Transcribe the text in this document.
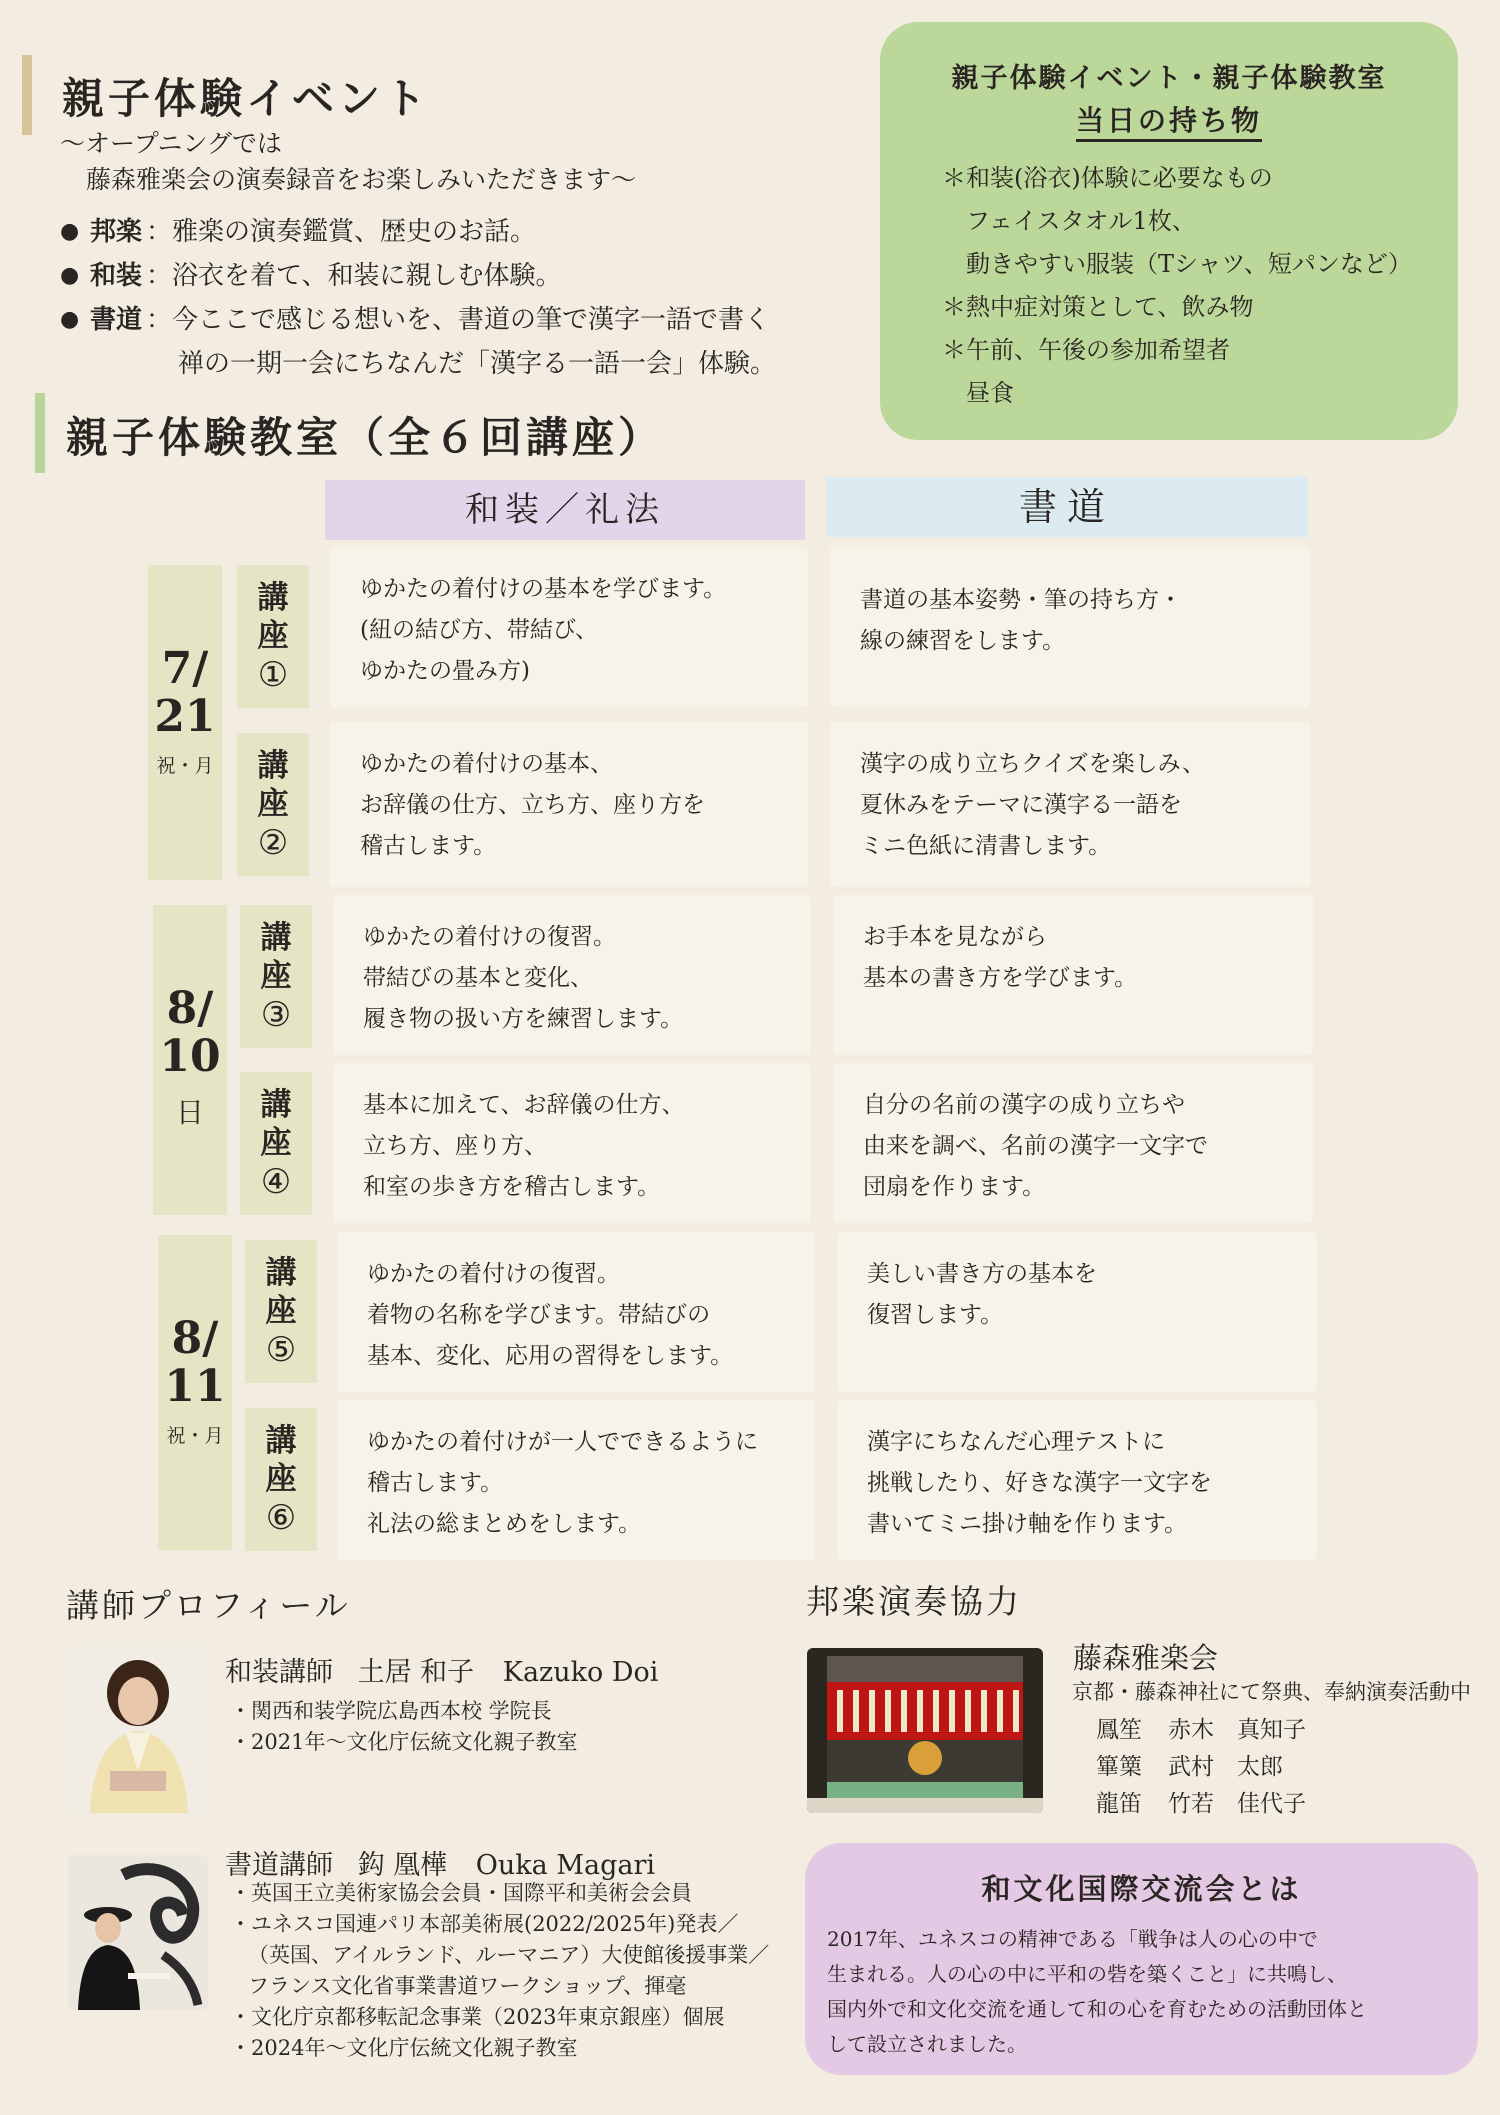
親子体験イベント
～オープニングでは
藤森雅楽会の演奏録音をお楽しみいただきます～
● 邦楽 ：雅楽の演奏鑑賞、歴史のお話。
● 和装 ：浴衣を着て、和装に親しむ体験。
● 書道 ：今ここで感じる想いを、書道の筆で漢字一語で書く
禅の一期一会にちなんだ「漢字る一語一会」体験。
親子体験イベント・親子体験教室
当日の持ち物
＊和装(浴衣)体験に必要なもの
フェイスタオル1枚、
動きやすい服装（Tシャツ、短パンなど）
＊熱中症対策として、飲み物
＊午前、午後の参加希望者
昼食
親子体験教室（全６回講座）
和装／礼法	書道
7/
21
祝・月
8/
10
日
8/
11
祝・月
講
座
①
ゆかたの着付けの基本を学びます。
(紐の結び方、帯結び、
ゆかたの畳み方)
書道の基本姿勢・筆の持ち方・
線の練習をします。
講
座
②
ゆかたの着付けの基本、
お辞儀の仕方、立ち方、座り方を
稽古します。
漢字の成り立ちクイズを楽しみ、
夏休みをテーマに漢字る一語を
ミニ色紙に清書します。
講
座
③
ゆかたの着付けの復習。
帯結びの基本と変化、
履き物の扱い方を練習します。
お手本を見ながら
基本の書き方を学びます。
講
座
④
基本に加えて、お辞儀の仕方、
立ち方、座り方、
和室の歩き方を稽古します。
自分の名前の漢字の成り立ちや
由来を調べ、名前の漢字一文字で
団扇を作ります。
講
座
⑤
ゆかたの着付けの復習。
着物の名称を学びます。帯結びの
基本、変化、応用の習得をします。
美しい書き方の基本を
復習します。
講
座
⑥
ゆかたの着付けが一人でできるように
稽古します。
礼法の総まとめをします。
漢字にちなんだ心理テストに
挑戦したり、好きな漢字一文字を
書いてミニ掛け軸を作ります。
講師プロフィール
和装講師 土居 和子 Kazuko Doi
・関西和装学院広島西本校 学院長
・2021年～文化庁伝統文化親子教室
書道講師 鈎 凰樺 Ouka Magari
・英国王立美術家協会会員・国際平和美術会会員
・ユネスコ国連パリ本部美術展(2022/2025年)発表／
（英国、アイルランド、ルーマニア）大使館後援事業／
フランス文化省事業書道ワークショップ、揮毫
・文化庁京都移転記念事業（2023年東京銀座）個展
・2024年～文化庁伝統文化親子教室
邦楽演奏協力
藤森雅楽会
京都・藤森神社にて祭典、奉納演奏活動中
鳳笙 赤木　真知子
篳篥 武村　太郎
龍笛 竹若　佳代子
和文化国際交流会とは
2017年、ユネスコの精神である「戦争は人の心の中で
生まれる。人の心の中に平和の砦を築くこと」に共鳴し、
国内外で和文化交流を通して和の心を育むための活動団体と
して設立されました。
